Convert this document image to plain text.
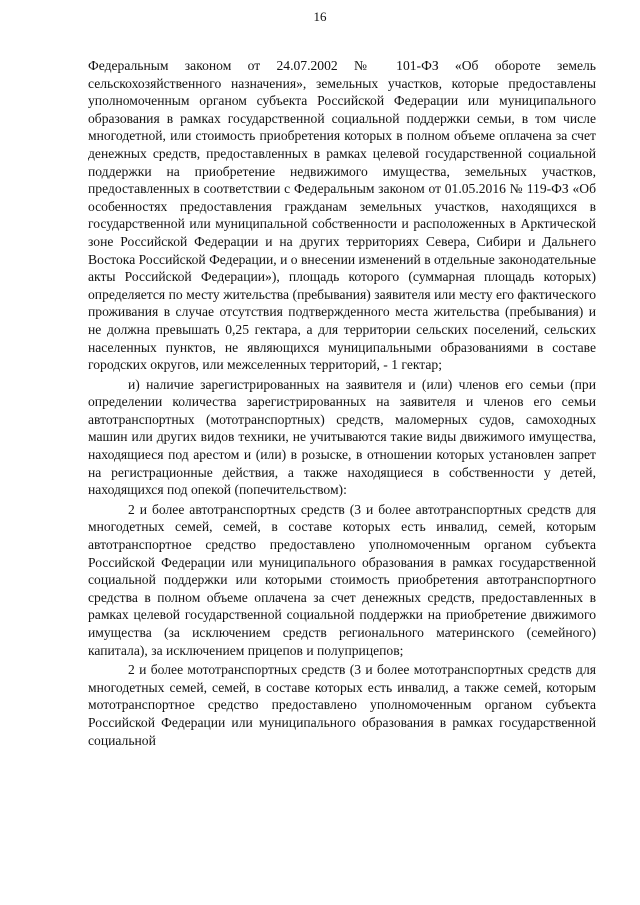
16

Федеральным законом от 24.07.2002 № 101-ФЗ «Об обороте земель сельскохозяйственного назначения», земельных участков, которые предоставлены уполномоченным органом субъекта Российской Федерации или муниципального образования в рамках государственной социальной поддержки семьи, в том числе многодетной, или стоимость приобретения которых в полном объеме оплачена за счет денежных средств, предоставленных в рамках целевой государственной социальной поддержки на приобретение недвижимого имущества, земельных участков, предоставленных в соответствии с Федеральным законом от 01.05.2016 № 119-ФЗ «Об особенностях предоставления гражданам земельных участков, находящихся в государственной или муниципальной собственности и расположенных в Арктической зоне Российской Федерации и на других территориях Севера, Сибири и Дальнего Востока Российской Федерации, и о внесении изменений в отдельные законодательные акты Российской Федерации»), площадь которого (суммарная площадь которых) определяется по месту жительства (пребывания) заявителя или месту его фактического проживания в случае отсутствия подтвержденного места жительства (пребывания) и не должна превышать 0,25 гектара, а для территории сельских поселений, сельских населенных пунктов, не являющихся муниципальными образованиями в составе городских округов, или межселенных территорий, - 1 гектар;

и) наличие зарегистрированных на заявителя и (или) членов его семьи (при определении количества зарегистрированных на заявителя и членов его семьи автотранспортных (мототранспортных) средств, маломерных судов, самоходных машин или других видов техники, не учитываются такие виды движимого имущества, находящиеся под арестом и (или) в розыске, в отношении которых установлен запрет на регистрационные действия, а также находящиеся в собственности у детей, находящихся под опекой (попечительством):

2 и более автотранспортных средств (3 и более автотранспортных средств для многодетных семей, семей, в составе которых есть инвалид, семей, которым автотранспортное средство предоставлено уполномоченным органом субъекта Российской Федерации или муниципального образования в рамках государственной социальной поддержки или которыми стоимость приобретения автотранспортного средства в полном объеме оплачена за счет денежных средств, предоставленных в рамках целевой государственной социальной поддержки на приобретение движимого имущества (за исключением средств регионального материнского (семейного) капитала), за исключением прицепов и полуприцепов;

2 и более мототранспортных средств (3 и более мототранспортных средств для многодетных семей, семей, в составе которых есть инвалид, а также семей, которым мототранспортное средство предоставлено уполномоченным органом субъекта Российской Федерации или муниципального образования в рамках государственной социальной
